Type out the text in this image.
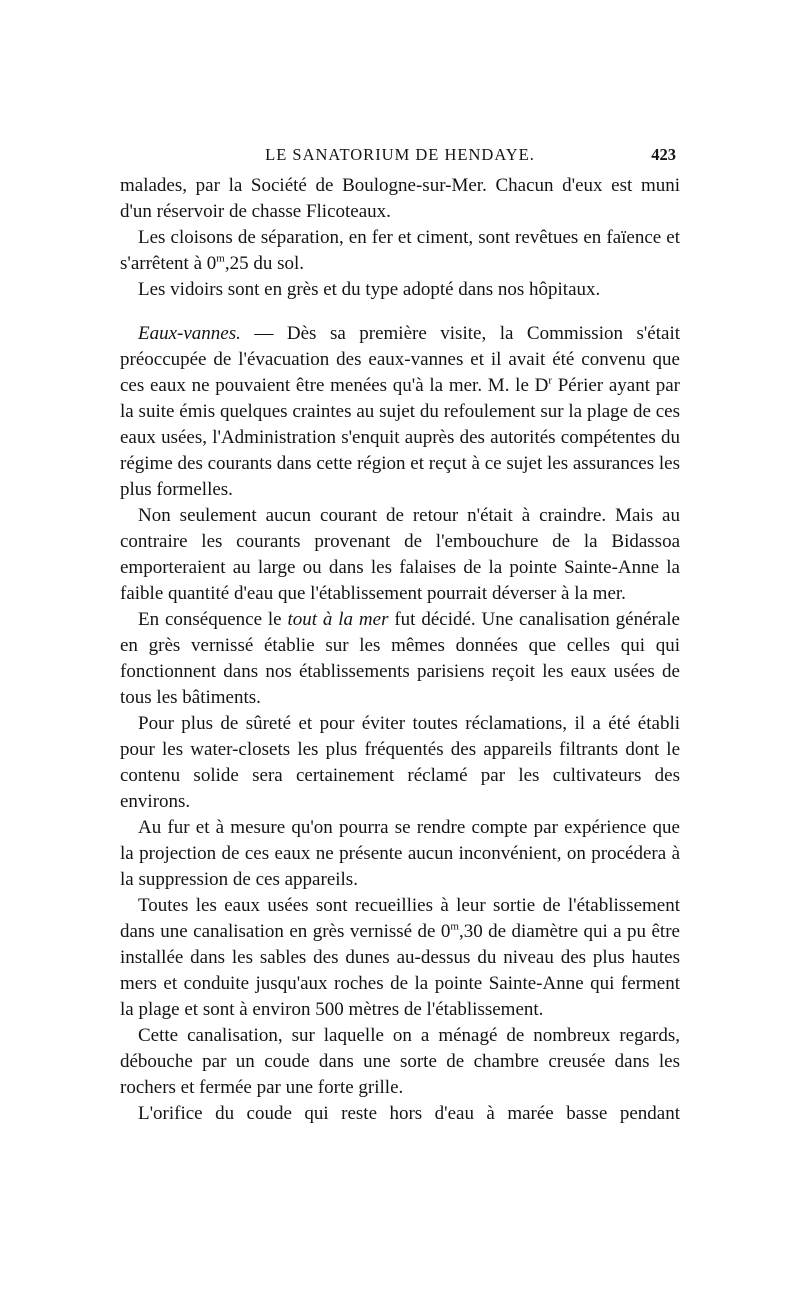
LE SANATORIUM DE HENDAYE.	423

malades, par la Société de Boulogne-sur-Mer. Chacun d'eux est muni d'un réservoir de chasse Flicoteaux.

Les cloisons de séparation, en fer et ciment, sont revêtues en faïence et s'arrêtent à 0$^m$,25 du sol.

Les vidoirs sont en grès et du type adopté dans nos hôpitaux.

Eaux-vannes. — Dès sa première visite, la Commission s'était préoccupée de l'évacuation des eaux-vannes et il avait été convenu que ces eaux ne pouvaient être menées qu'à la mer. M. le $D^r$ Périer ayant par la suite émis quelques craintes au sujet du refoulement sur la plage de ces eaux usées, l'Administration s'enquit auprès des autorités compétentes du régime des courants dans cette région et reçut à ce sujet les assurances les plus formelles.

Non seulement aucun courant de retour n'était à craindre. Mais au contraire les courants provenant de l'embouchure de la Bidassoa emporteraient au large ou dans les falaises de la pointe Sainte-Anne la faible quantité d'eau que l'établissement pourrait déverser à la mer.

En conséquence le tout à la mer fut décidé. Une canalisation générale en grès vernissé établie sur les mêmes données que celles qui qui fonctionnent dans nos établissements parisiens reçoit les eaux usées de tous les bâtiments.

Pour plus de sûreté et pour éviter toutes réclamations, il a été établi pour les water-closets les plus fréquentés des appareils filtrants dont le contenu solide sera certainement réclamé par les cultivateurs des environs.

Au fur et à mesure qu'on pourra se rendre compte par expérience que la projection de ces eaux ne présente aucun inconvénient, on procédera à la suppression de ces appareils.

Toutes les eaux usées sont recueillies à leur sortie de l'établissement dans une canalisation en grès vernissé de 0$^m$,30 de diamètre qui a pu être installée dans les sables des dunes au-dessus du niveau des plus hautes mers et conduite jusqu'aux roches de la pointe Sainte-Anne qui ferment la plage et sont à environ 500 mètres de l'établissement.

Cette canalisation, sur laquelle on a ménagé de nombreux regards, débouche par un coude dans une sorte de chambre creusée dans les rochers et fermée par une forte grille.

L'orifice du coude qui reste hors d'eau à marée basse pendant
